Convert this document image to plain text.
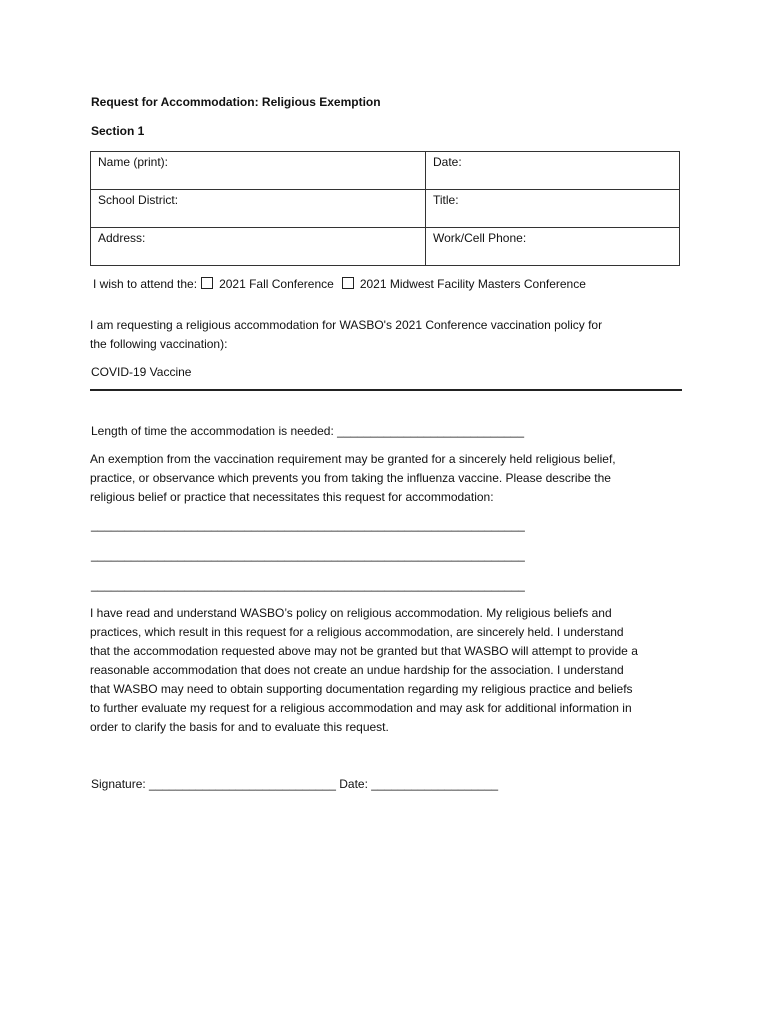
Request for Accommodation: Religious Exemption
Section 1
Name (print):	Date:
School District:	Title:
Address:	Work/Cell Phone:
I wish to attend the: 2021 Fall Conference 2021 Midwest Facility Masters Conference
I am requesting a religious accommodation for WASBO's 2021 Conference vaccination policy for
the following vaccination):
COVID-19 Vaccine
Length of time the accommodation is needed: ____________________________
An exemption from the vaccination requirement may be granted for a sincerely held religious belief,
practice, or observance which prevents you from taking the influenza vaccine. Please describe the
religious belief or practice that necessitates this request for accommodation:
_________________________________________________________________
_________________________________________________________________
_________________________________________________________________
I have read and understand WASBO’s policy on religious accommodation. My religious beliefs and
practices, which result in this request for a religious accommodation, are sincerely held. I understand
that the accommodation requested above may not be granted but that WASBO will attempt to provide a
reasonable accommodation that does not create an undue hardship for the association. I understand
that WASBO may need to obtain supporting documentation regarding my religious practice and beliefs
to further evaluate my request for a religious accommodation and may ask for additional information in
order to clarify the basis for and to evaluate this request.
Signature: ____________________________ Date: ___________________
